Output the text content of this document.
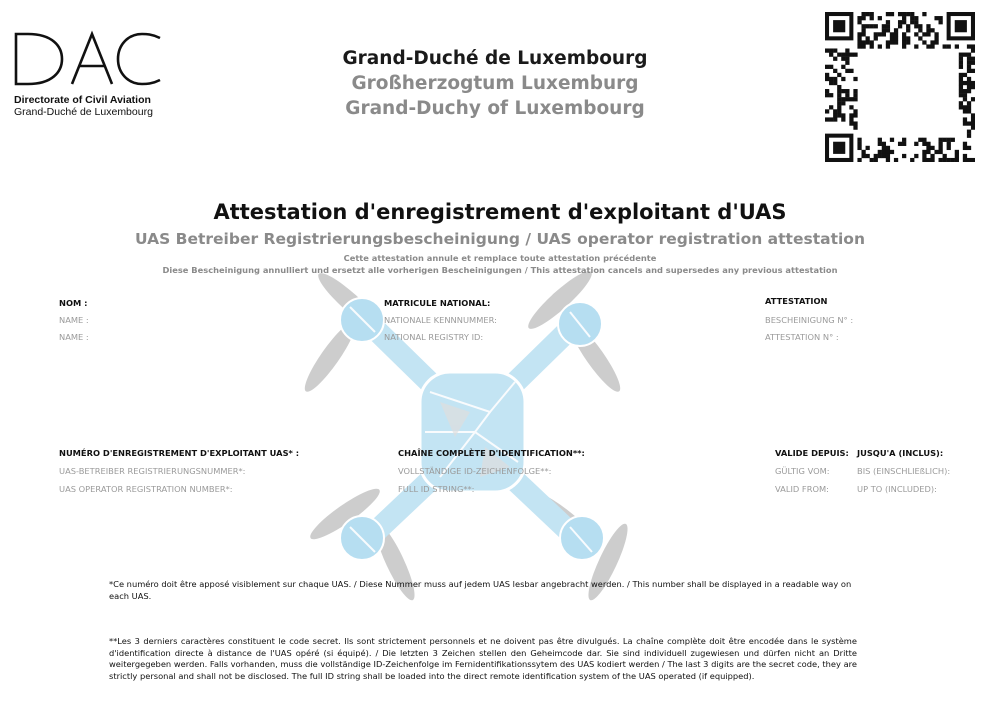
Directorate of Civil Aviation
Grand-Duché de Luxembourg
Grand-Duché de Luxembourg
Großherzogtum Luxemburg
Grand-Duchy of Luxembourg
Attestation d'enregistrement d'exploitant d'UAS
UAS Betreiber Registrierungsbescheinigung / UAS operator registration attestation
Cette attestation annule et remplace toute attestation précédente
Diese Bescheinigung annulliert und ersetzt alle vorherigen Bescheinigungen / This attestation cancels and supersedes any previous attestation
NOM :
NAME :
NAME :
MATRICULE NATIONAL:
NATIONALE KENNNUMMER:
NATIONAL REGISTRY ID:
ATTESTATION
BESCHEINIGUNG N° :
ATTESTATION N° :
NUMÉRO D'ENREGISTREMENT D'EXPLOITANT UAS* :
UAS-BETREIBER REGISTRIERUNGSNUMMER*:
UAS OPERATOR REGISTRATION NUMBER*:
CHAÎNE COMPLÈTE D'IDENTIFICATION**:
VOLLSTÄNDIGE ID-ZEICHENFOLGE**:
FULL ID STRING**:
VALIDE DEPUIS:
GÜLTIG VOM:
VALID FROM:
JUSQU'A (INCLUS):
BIS (EINSCHLIEßLICH):
UP TO (INCLUDED):
*Ce numéro doit être apposé visiblement sur chaque UAS. / Diese Nummer muss auf jedem UAS lesbar angebracht werden. / This number shall be displayed in a readable way on each UAS.
**Les 3 derniers caractères constituent le code secret. Ils sont strictement personnels et ne doivent pas être divulgués. La chaîne complète doit être encodée dans le système d'identification directe à distance de l'UAS opéré (si équipé). / Die letzten 3 Zeichen stellen den Geheimcode dar. Sie sind individuell zugewiesen und dürfen nicht an Dritte weitergegeben werden. Falls vorhanden, muss die vollständige ID-Zeichenfolge im Fernidentifikationssytem des UAS kodiert werden / The last 3 digits are the secret code, they are strictly personal and shall not be disclosed. The full ID string shall be loaded into the direct remote identification system of the UAS operated (if equipped).
